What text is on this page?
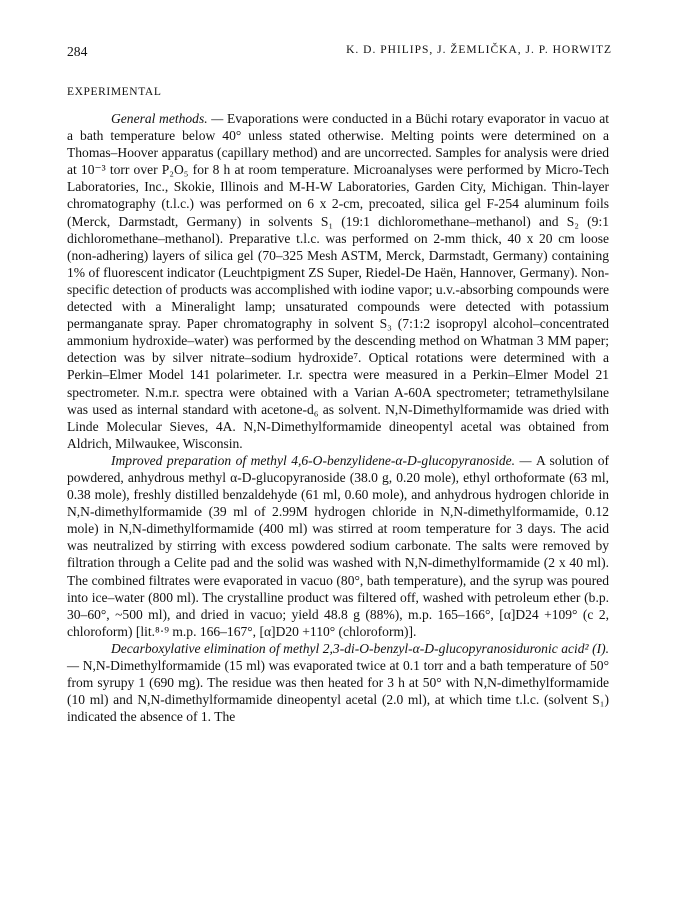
284	K. D. PHILIPS, J. ŽEMLIČKA, J. P. HORWITZ
EXPERIMENTAL

General methods. — Evaporations were conducted in a Büchi rotary evaporator in vacuo at a bath temperature below 40° unless stated otherwise. Melting points were determined on a Thomas–Hoover apparatus (capillary method) and are uncorrected. Samples for analysis were dried at 10⁻³ torr over P₂O₅ for 8 h at room temperature. Microanalyses were performed by Micro-Tech Laboratories, Inc., Skokie, Illinois and M-H-W Laboratories, Garden City, Michigan. Thin-layer chromatography (t.l.c.) was performed on 6 x 2-cm, precoated, silica gel F-254 aluminum foils (Merck, Darmstadt, Germany) in solvents S₁ (19:1 dichloromethane–methanol) and S₂ (9:1 dichloromethane–methanol). Preparative t.l.c. was performed on 2-mm thick, 40 x 20 cm loose (non-adhering) layers of silica gel (70–325 Mesh ASTM, Merck, Darmstadt, Germany) containing 1% of fluorescent indicator (Leuchtpigment ZS Super, Riedel-De Haën, Hannover, Germany). Non-specific detection of products was accomplished with iodine vapor; u.v.-absorbing compounds were detected with a Mineralight lamp; unsaturated compounds were detected with potassium permanganate spray. Paper chromatography in solvent S₃ (7:1:2 isopropyl alcohol–concentrated ammonium hydroxide–water) was performed by the descending method on Whatman 3 MM paper; detection was by silver nitrate–sodium hydroxide⁷. Optical rotations were determined with a Perkin–Elmer Model 141 polarimeter. I.r. spectra were measured in a Perkin–Elmer Model 21 spectrometer. N.m.r. spectra were obtained with a Varian A-60A spectrometer; tetramethylsilane was used as internal standard with acetone-d₆ as solvent. N,N-Dimethylformamide was dried with Linde Molecular Sieves, 4A. N,N-Dimethylformamide dineopentyl acetal was obtained from Aldrich, Milwaukee, Wisconsin.

Improved preparation of methyl 4,6-O-benzylidene-α-D-glucopyranoside. — A solution of powdered, anhydrous methyl α-D-glucopyranoside (38.0 g, 0.20 mole), ethyl orthoformate (63 ml, 0.38 mole), freshly distilled benzaldehyde (61 ml, 0.60 mole), and anhydrous hydrogen chloride in N,N-dimethylformamide (39 ml of 2.99M hydrogen chloride in N,N-dimethylformamide, 0.12 mole) in N,N-dimethylformamide (400 ml) was stirred at room temperature for 3 days. The acid was neutralized by stirring with excess powdered sodium carbonate. The salts were removed by filtration through a Celite pad and the solid was washed with N,N-dimethylformamide (2 x 40 ml). The combined filtrates were evaporated in vacuo (80°, bath temperature), and the syrup was poured into ice–water (800 ml). The crystalline product was filtered off, washed with petroleum ether (b.p. 30–60°, ~500 ml), and dried in vacuo; yield 48.8 g (88%), m.p. 165–166°, [α]D24 +109° (c 2, chloroform) [lit.⁸·⁹ m.p. 166–167°, [α]D20 +110° (chloroform)].

Decarboxylative elimination of methyl 2,3-di-O-benzyl-α-D-glucopyranosiduronic acid² (I). — N,N-Dimethylformamide (15 ml) was evaporated twice at 0.1 torr and a bath temperature of 50° from syrupy 1 (690 mg). The residue was then heated for 3 h at 50° with N,N-dimethylformamide (10 ml) and N,N-dimethylformamide dineopentyl acetal (2.0 ml), at which time t.l.c. (solvent S₁) indicated the absence of 1. The
